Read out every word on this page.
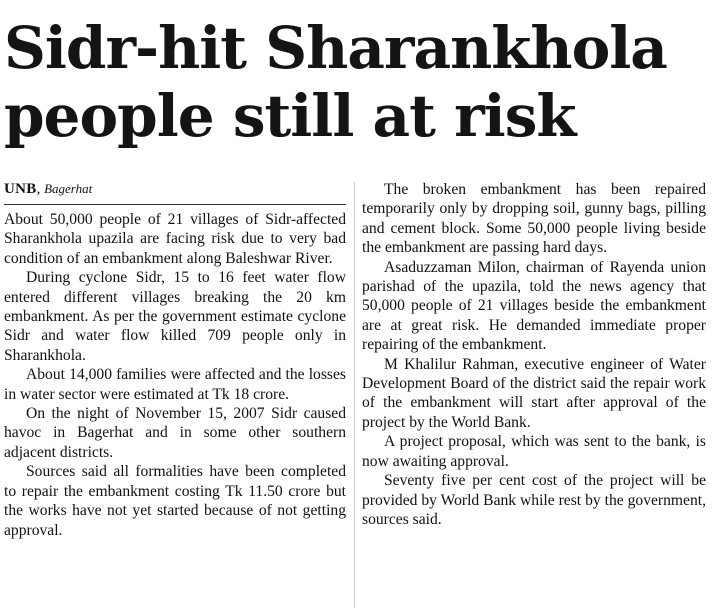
Sidr-hit Sharankhola
people still at risk
UNB, Bagerhat

About 50,000 people of 21 villages of Sidr-affected Sharankhola upazila are facing risk due to very bad condition of an embankment along Baleshwar River.

During cyclone Sidr, 15 to 16 feet water flow entered different villages breaking the 20 km embankment. As per the government estimate cyclone Sidr and water flow killed 709 people only in Sharankhola.

About 14,000 families were affected and the losses in water sector were estimated at Tk 18 crore.

On the night of November 15, 2007 Sidr caused havoc in Bagerhat and in some other southern adjacent districts.

Sources said all formalities have been completed to repair the embankment costing Tk 11.50 crore but the works have not yet started because of not getting approval.

The broken embankment has been repaired temporarily only by dropping soil, gunny bags, pilling and cement block. Some 50,000 people living beside the embankment are passing hard days.

Asaduzzaman Milon, chairman of Rayenda union parishad of the upazila, told the news agency that 50,000 people of 21 villages beside the embankment are at great risk. He demanded immediate proper repairing of the embankment.

M Khalilur Rahman, executive engineer of Water Development Board of the district said the repair work of the embankment will start after approval of the project by the World Bank.

A project proposal, which was sent to the bank, is now awaiting approval.

Seventy five per cent cost of the project will be provided by World Bank while rest by the government, sources said.
